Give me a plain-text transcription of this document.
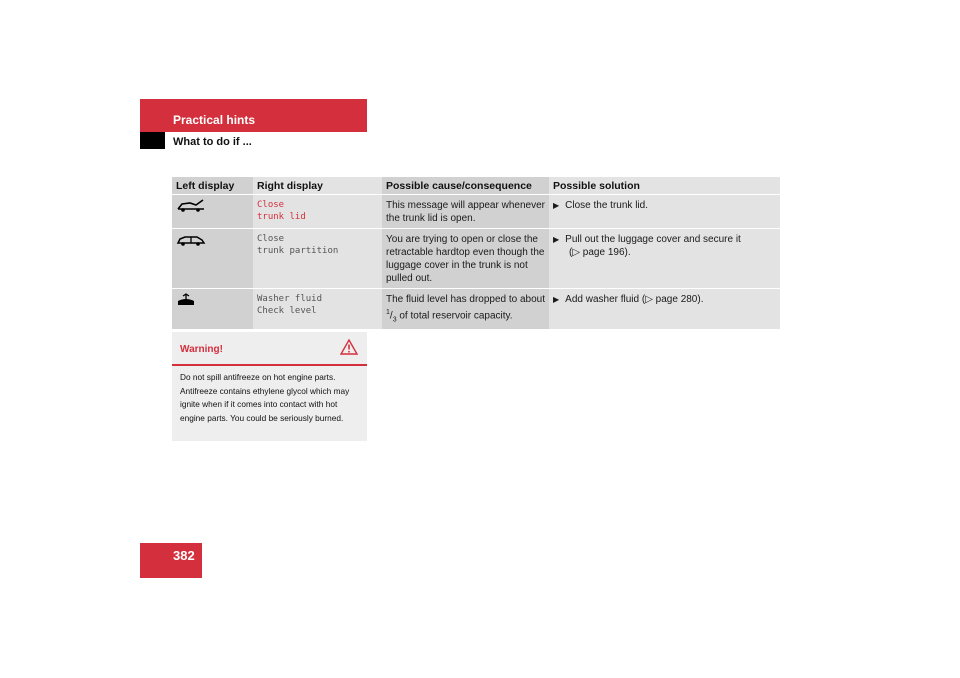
Practical hints
What to do if ...
Left display	Right display	Possible cause/consequence	Possible solution

Close
trunk lid	This message will appear whenever the trunk lid is open.	▶ Close the trunk lid.

Close
trunk partition	You are trying to open or close the retractable hardtop even though the luggage cover in the trunk is not pulled out.	▶ Pull out the luggage cover and secure it
(▷ page 196).

Washer fluid
Check level	The fluid level has dropped to about $^1/_3$ of total reservoir capacity.	▶ Add washer fluid (▷ page 280).
Warning!
Do not spill antifreeze on hot engine parts. Antifreeze contains ethylene glycol which may ignite when if it comes into contact with hot engine parts. You could be seriously burned.
382
